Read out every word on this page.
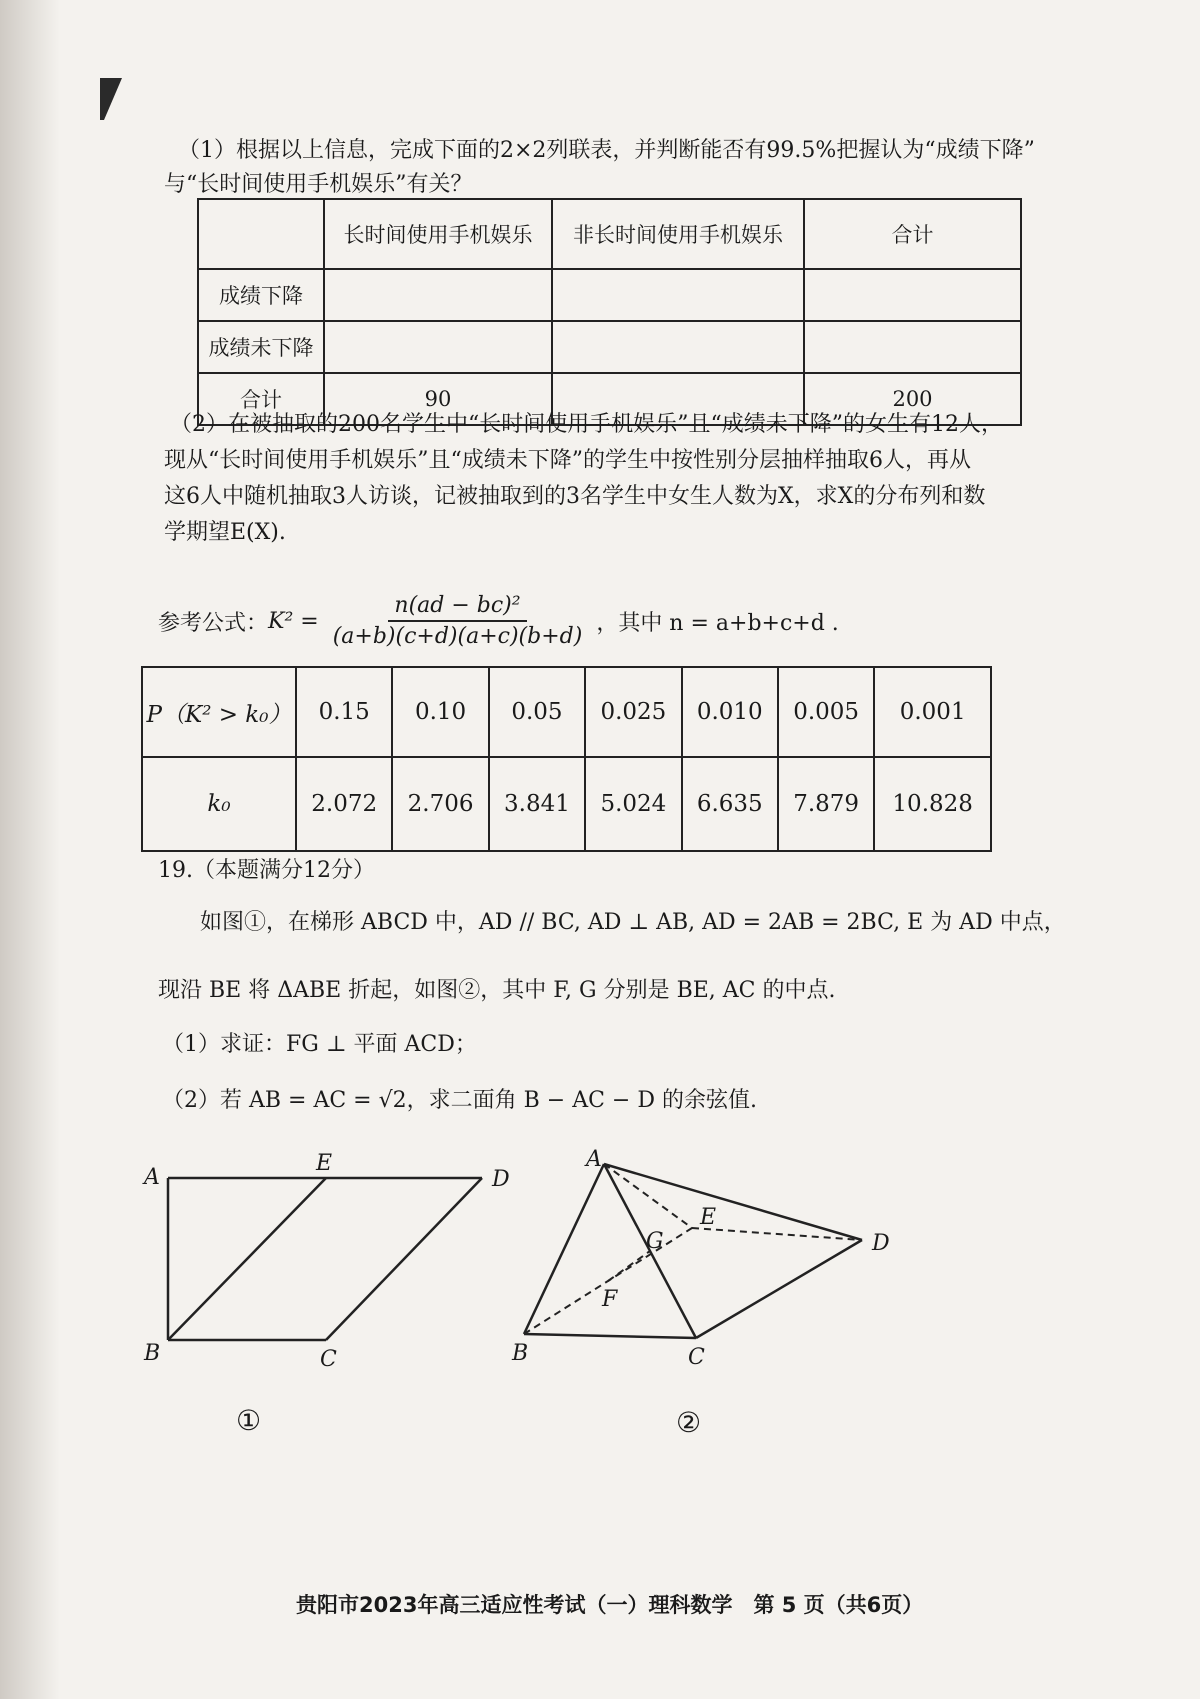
（1）根据以上信息，完成下面的2×2列联表，并判断能否有99.5%把握认为“成绩下降”
与“长时间使用手机娱乐”有关？
	长时间使用手机娱乐	非长时间使用手机娱乐	合计
成绩下降			
成绩未下降			
合计	90		200
（2）在被抽取的200名学生中“长时间使用手机娱乐”且“成绩未下降”的女生有12人，
现从“长时间使用手机娱乐”且“成绩未下降”的学生中按性别分层抽样抽取6人，再从
这6人中随机抽取3人访谈，记被抽取到的3名学生中女生人数为X，求X的分布列和数
学期望E(X).
参考公式： $K^2 = \frac{\text{n(ad − bc)²}}{(a+b)(c+d)(a+c)(b+d)}$ ，其中 n = a+b+c+d .
P（K² > k₀）	0.15	0.10	0.05	0.025	0.010	0.005	0.001
k₀	2.072	2.706	3.841	5.024	6.635	7.879	10.828
19.（本题满分12分）
如图①，在梯形 ABCD 中，AD // BC, AD ⊥ AB, AD = 2AB = 2BC, E 为 AD 中点，
现沿 BE 将 ΔABE 折起，如图②，其中 F, G 分别是 BE, AC 的中点.
（1）求证：FG ⊥ 平面 ACD；
（2）若 AB = AC = √2，求二面角 B − AC − D 的余弦值.
A
E
D
B	C
①
A
E
D
G
F
B	C
②
贵阳市2023年高三适应性考试（一）理科数学　第 5 页（共6页）
